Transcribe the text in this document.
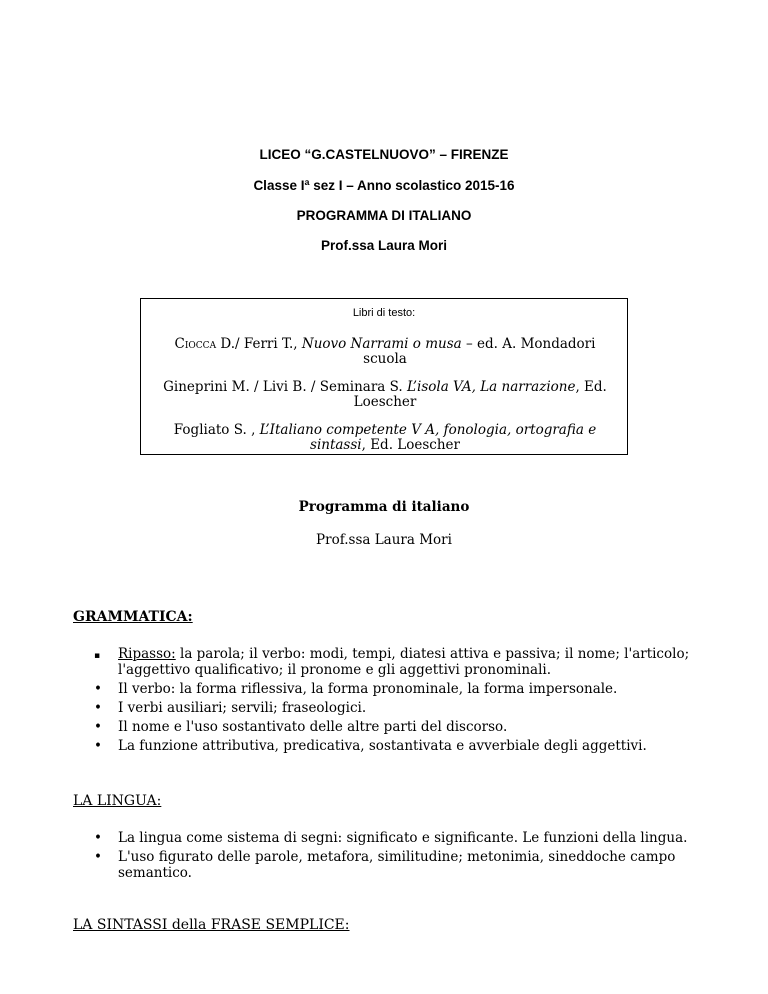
LICEO “G.CASTELNUOVO” – FIRENZE
Classe Iª sez I – Anno scolastico 2015-16
PROGRAMMA DI ITALIANO
Prof.ssa Laura Mori
Libri di testo:
Ciocca D./ Ferri T., Nuovo Narrami o musa – ed. A. Mondadori scuola
Gineprini M. / Livi B. / Seminara S. L’isola VA, La narrazione, Ed. Loescher
Fogliato S. , L’Italiano competente V A, fonologia, ortografia e sintassi, Ed. Loescher
Programma di italiano
Prof.ssa Laura Mori
GRAMMATICA:
▪ Ripasso: la parola; il verbo: modi, tempi, diatesi attiva e passiva; il nome; l'articolo; l'aggettivo qualificativo; il pronome e gli aggettivi pronominali.
• Il verbo: la forma riflessiva, la forma pronominale, la forma impersonale.
• I verbi ausiliari; servili; fraseologici.
• Il nome e l'uso sostantivato delle altre parti del discorso.
• La funzione attributiva, predicativa, sostantivata e avverbiale degli aggettivi.
LA LINGUA:
• La lingua come sistema di segni: significato e significante. Le funzioni della lingua.
• L'uso figurato delle parole, metafora, similitudine; metonimia, sineddoche campo semantico.
LA SINTASSI della FRASE SEMPLICE:
